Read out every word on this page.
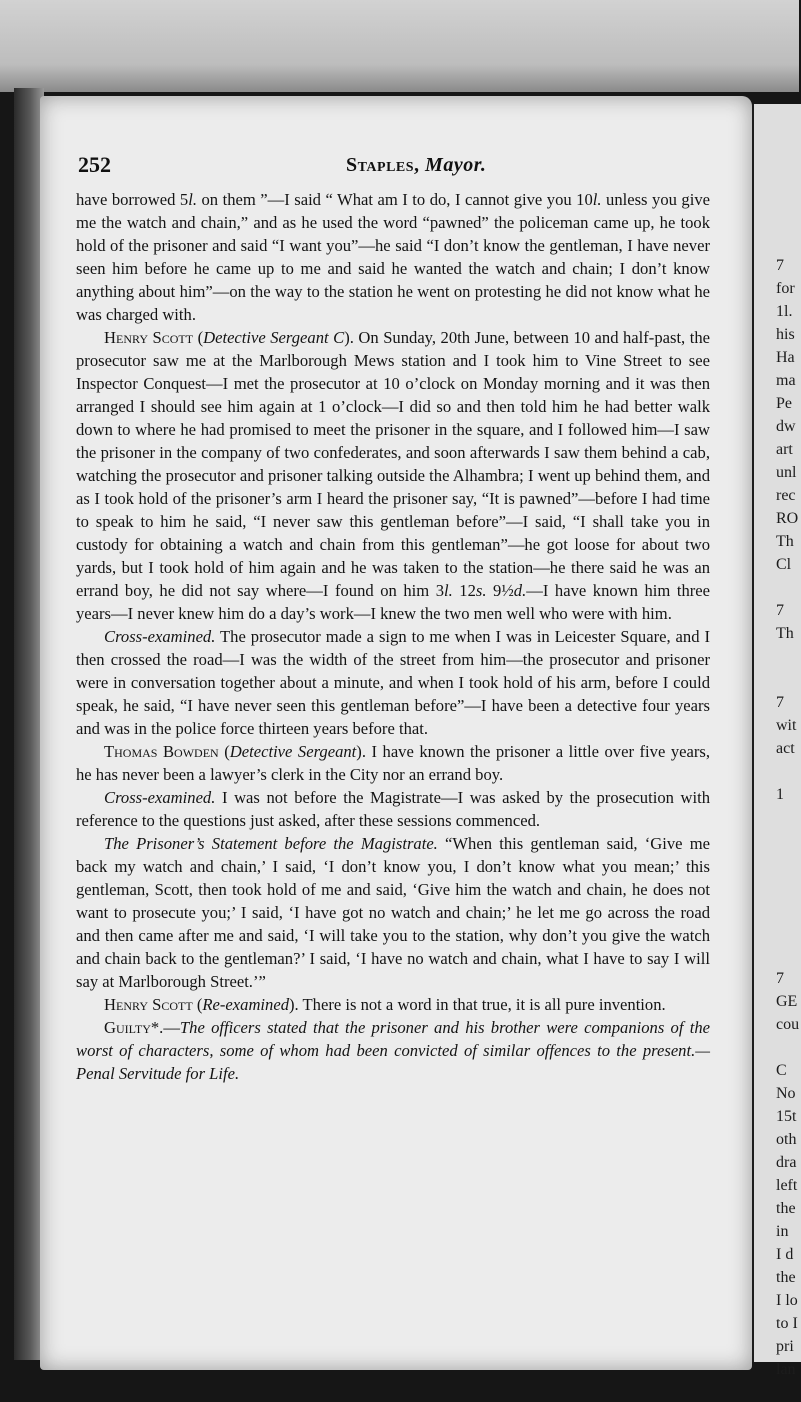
7
for
1l.
his
Ha
ma
Pe
dw
art
unl
rec
RO
Th
Cl

7
Th

7
wit
act

1

7
GE
cou

C
No
15t
oth
dra
left
the
in
I d
the
I lo
to I
pri
lan
252	Staples, Mayor.

have borrowed 5l. on them ”—I said “ What am I to do, I cannot give you 10l. unless you give me the watch and chain,” and as he used the word “pawned” the policeman came up, he took hold of the prisoner and said “I want you”—he said “I don’t know the gentleman, I have never seen him before he came up to me and said he wanted the watch and chain; I don’t know anything about him”—on the way to the station he went on protesting he did not know what he was charged with.

Henry Scott (Detective Sergeant C). On Sunday, 20th June, between 10 and half-past, the prosecutor saw me at the Marlborough Mews station and I took him to Vine Street to see Inspector Conquest—I met the prosecutor at 10 o’clock on Monday morning and it was then arranged I should see him again at 1 o’clock—I did so and then told him he had better walk down to where he had promised to meet the prisoner in the square, and I followed him—I saw the prisoner in the company of two confederates, and soon afterwards I saw them behind a cab, watching the prosecutor and prisoner talking outside the Alhambra; I went up behind them, and as I took hold of the prisoner’s arm I heard the prisoner say, “It is pawned”—before I had time to speak to him he said, “I never saw this gentleman before”—I said, “I shall take you in custody for obtaining a watch and chain from this gentleman”—he got loose for about two yards, but I took hold of him again and he was taken to the station—he there said he was an errand boy, he did not say where—I found on him 3l. 12s. 9½d.—I have known him three years—I never knew him do a day’s work—I knew the two men well who were with him.

Cross-examined. The prosecutor made a sign to me when I was in Leicester Square, and I then crossed the road—I was the width of the street from him—the prosecutor and prisoner were in conversation together about a minute, and when I took hold of his arm, before I could speak, he said, “I have never seen this gentleman before”—I have been a detective four years and was in the police force thirteen years before that.

Thomas Bowden (Detective Sergeant). I have known the prisoner a little over five years, he has never been a lawyer’s clerk in the City nor an errand boy.

Cross-examined. I was not before the Magistrate—I was asked by the prosecution with reference to the questions just asked, after these sessions commenced.

The Prisoner’s Statement before the Magistrate. “When this gentleman said, ‘Give me back my watch and chain,’ I said, ‘I don’t know you, I don’t know what you mean;’ this gentleman, Scott, then took hold of me and said, ‘Give him the watch and chain, he does not want to prosecute you;’ I said, ‘I have got no watch and chain;’ he let me go across the road and then came after me and said, ‘I will take you to the station, why don’t you give the watch and chain back to the gentleman?’ I said, ‘I have no watch and chain, what I have to say I will say at Marlborough Street.’”

Henry Scott (Re-examined). There is not a word in that true, it is all pure invention.

Guilty*.—The officers stated that the prisoner and his brother were companions of the worst of characters, some of whom had been convicted of similar offences to the present.—Penal Servitude for Life.
